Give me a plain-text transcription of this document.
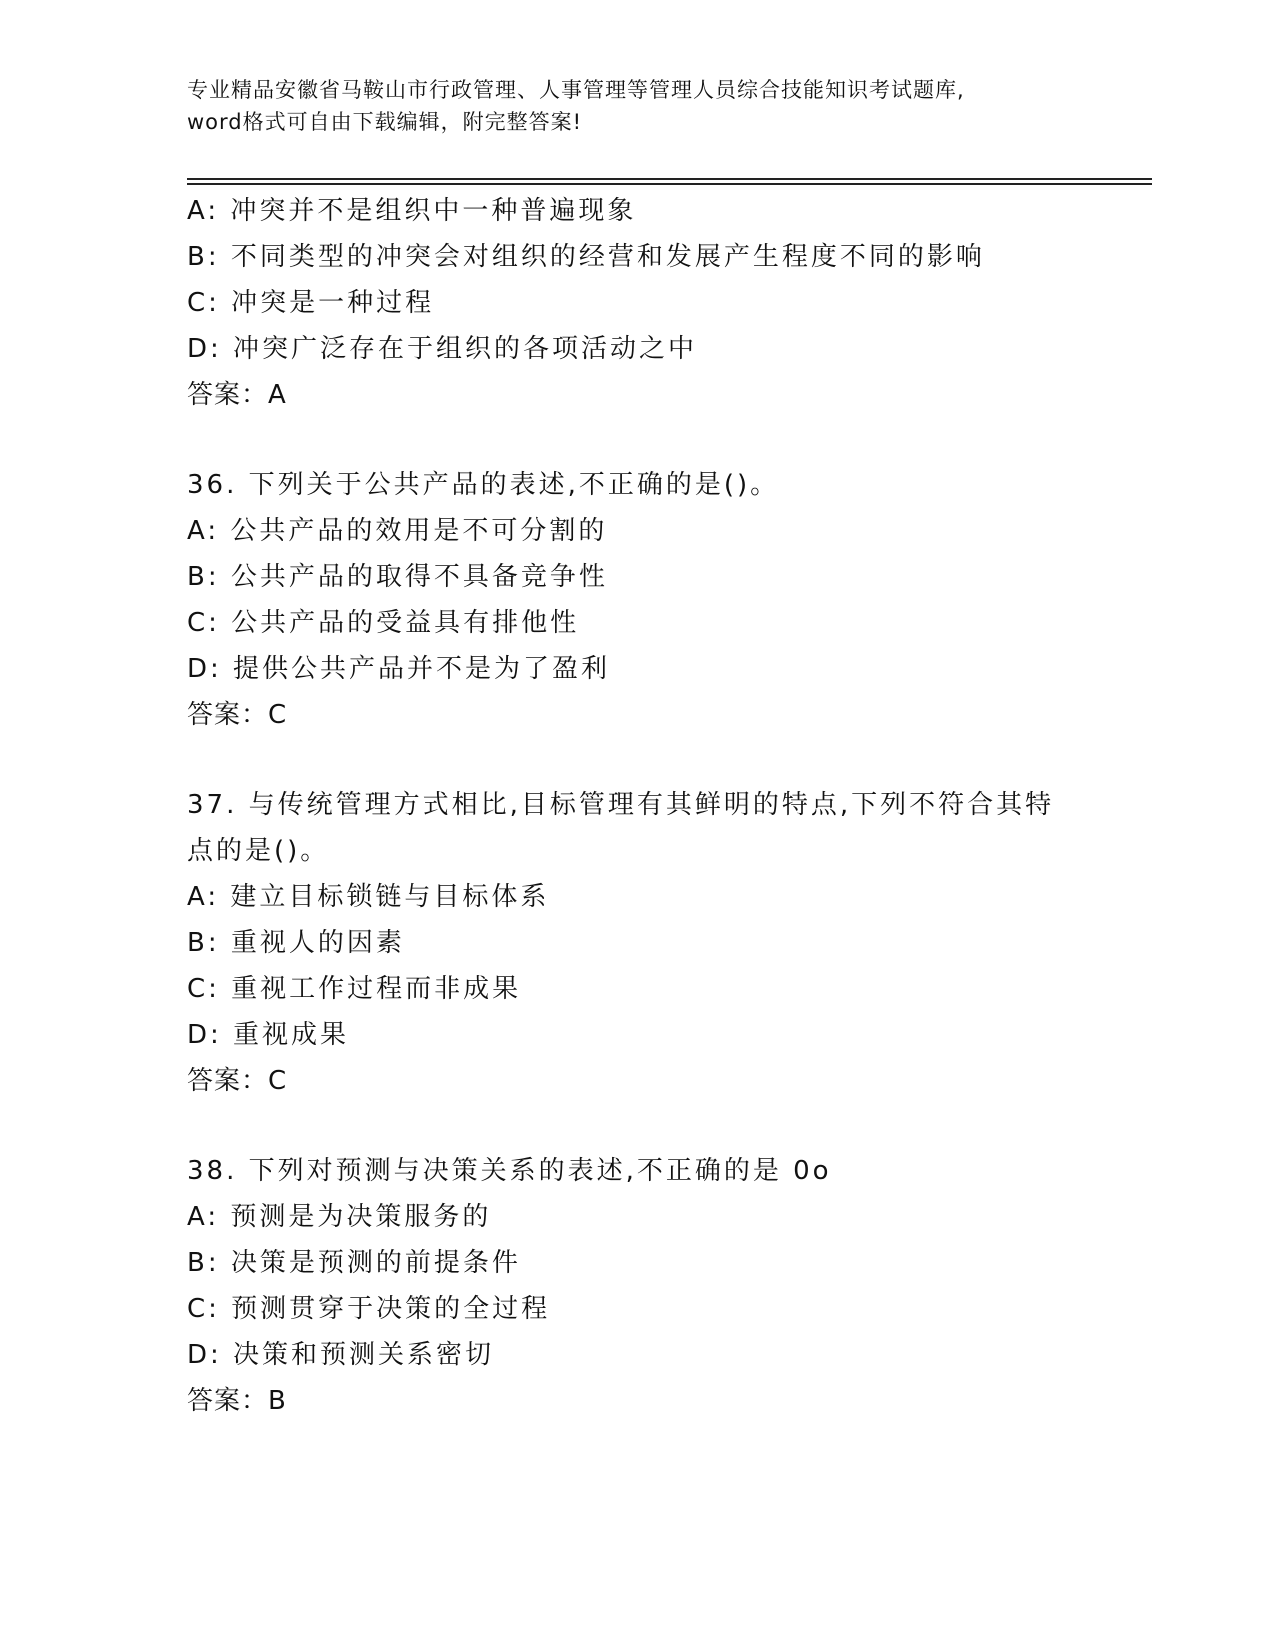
专业精品安徽省马鞍山市行政管理、人事管理等管理人员综合技能知识考试题库,
word格式可自由下载编辑，附完整答案!
A: 冲突并不是组织中一种普遍现象
B: 不同类型的冲突会对组织的经营和发展产生程度不同的影响
C: 冲突是一种过程
D: 冲突广泛存在于组织的各项活动之中
答案：A
36. 下列关于公共产品的表述,不正确的是()。
A: 公共产品的效用是不可分割的
B: 公共产品的取得不具备竞争性
C: 公共产品的受益具有排他性
D: 提供公共产品并不是为了盈利
答案：C
37. 与传统管理方式相比,目标管理有其鲜明的特点,下列不符合其特
点的是()。
A: 建立目标锁链与目标体系
B: 重视人的因素
C: 重视工作过程而非成果
D: 重视成果
答案：C
38. 下列对预测与决策关系的表述,不正确的是 0o
A: 预测是为决策服务的
B: 决策是预测的前提条件
C: 预测贯穿于决策的全过程
D: 决策和预测关系密切
答案：B
